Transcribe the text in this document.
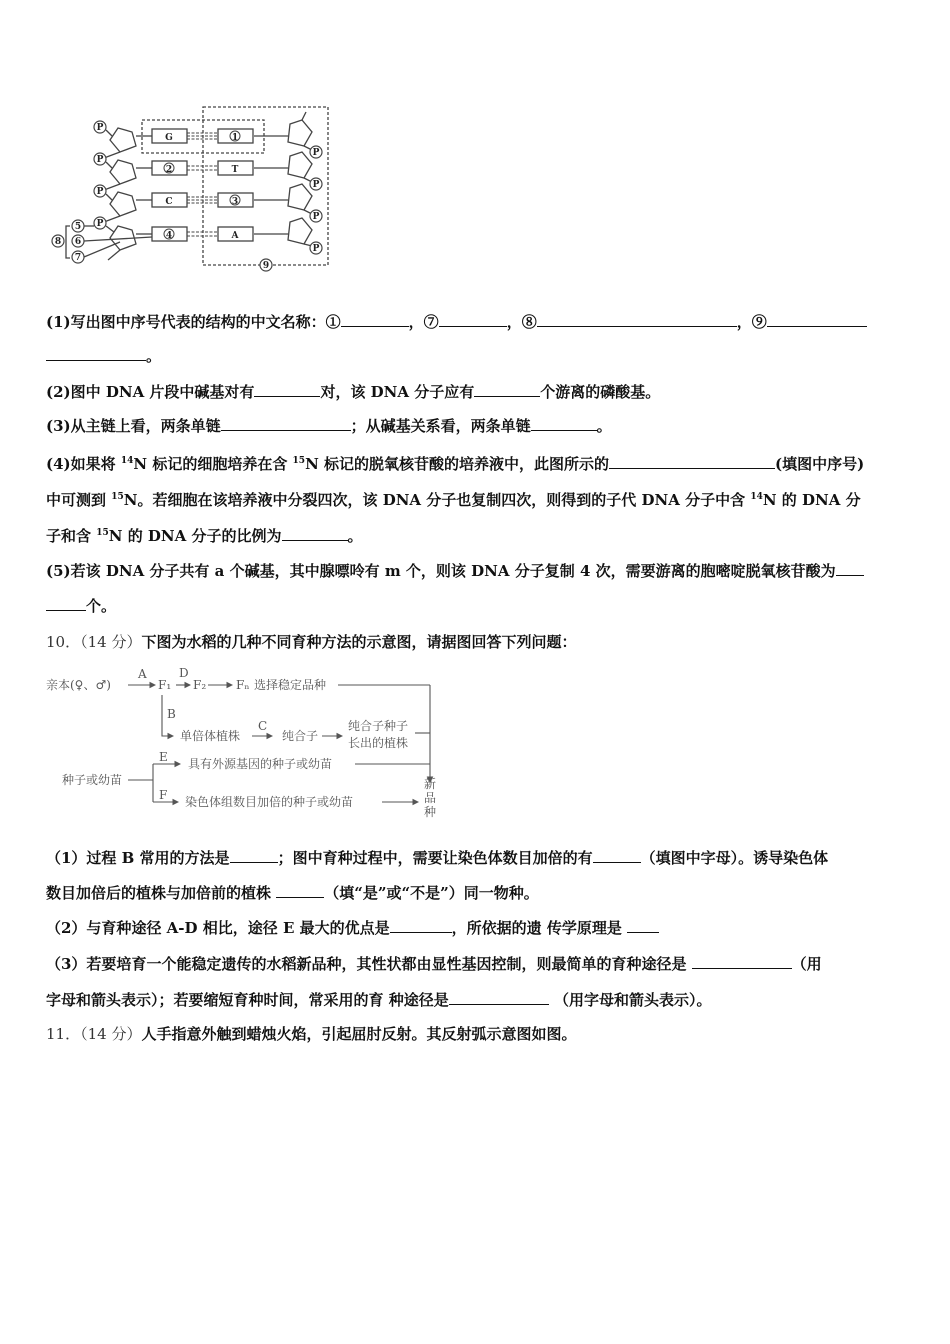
P
P
P
P
P
P
P
P
G
2
C
4
1
T
3
A
5
6
7
8
9
(1)写出图中序号代表的结构的中文名称：①	，⑦	，⑧	，⑨
。
(2)图中 DNA 片段中碱基对有	对，该 DNA 分子应有	个游离的磷酸基。
(3)从主链上看，两条单链	；从碱基关系看，两条单链	。
(4)如果将 $^{14}$N 标记的细胞培养在含 $^{15}$N 标记的脱氧核苷酸的培养液中，此图所示的	(填图中序号)
中可测到 $^{15}$N。若细胞在该培养液中分裂四次，该 DNA 分子也复制四次，则得到的子代 DNA 分子中含 $^{14}$N 的 DNA 分
子和含 $^{15}$N 的 DNA 分子的比例为	。
(5)若该 DNA 分子共有 a 个碱基，其中腺嘌呤有 m 个，则该 DNA 分子复制 4 次，需要游离的胞嘧啶脱氧核苷酸为
个。
10．（14 分）下图为水稻的几种不同育种方法的示意图，请据图回答下列问题：
亲本(♀、♂)
A
F₁
D
F₂ Fₙ 选择稳定品种
B
单倍体植株
C
纯合子
纯合子种子
长出的植株
种子或幼苗
E 具有外源基因的种子或幼苗
F 染色体组数目加倍的种子或幼苗
新
品
种
（1）过程 B 常用的方法是	；图中育种过程中，需要让染色体数目加倍的有	（填图中字母）。诱导染色体
数目加倍后的植株与加倍前的植株	（填“是”或“不是”）同一物种。
（2）与育种途径 A-D 相比，途径 E 最大的优点是	，所依据的遗 传学原理是
（3）若要培育一个能稳定遗传的水稻新品种，其性状都由显性基因控制，则最简单的育种途径是	（用
字母和箭头表示）；若要缩短育种时间，常采用的育 种途径是	（用字母和箭头表示）。
11．（14 分）人手指意外触到蜡烛火焰，引起屈肘反射。其反射弧示意图如图。
